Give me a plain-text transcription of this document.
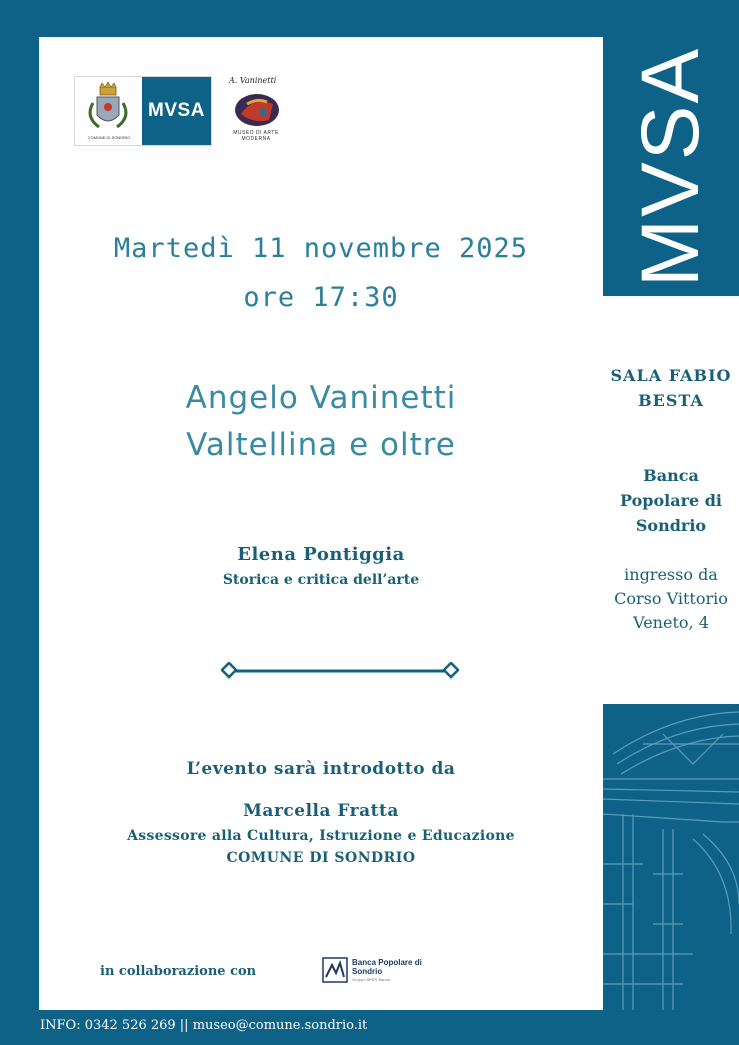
MVSA
COMUNE DI SONDRIO
MVSA
A. Vaninetti
MUSEO DI ARTE MODERNA
Martedì 11 novembre 2025
ore 17:30
Angelo Vaninetti
Valtellina e oltre
Elena Pontiggia
Storica e critica dell’arte
L’evento sarà introdotto da
Marcella Fratta
Assessore alla Cultura, Istruzione e Educazione
COMUNE DI SONDRIO
in collaborazione con
Banca Popolare di Sondrio
Gruppo BPER Banca
SALA FABIO BESTA
Banca Popolare di Sondrio
ingresso da Corso Vittorio Veneto, 4
INFO: 0342 526 269 || museo@comune.sondrio.it
